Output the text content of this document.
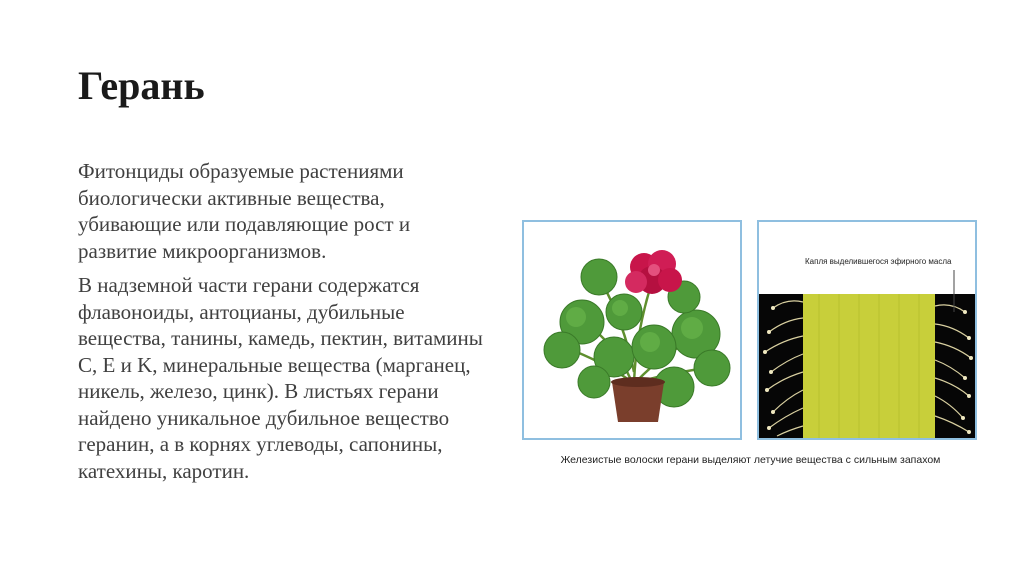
Герань

Фитонциды образуемые растениями биологически активные вещества, убивающие или подавляющие рост и развитие микроорганизмов.

В надземной части герани содержатся флавоноиды, антоцианы, дубильные вещества, танины, камедь, пектин, витамины С, Е и K, минеральные вещества (марганец, никель, железо, цинк). В листьях герани найдено уникальное дубильное вещество геранин, а в корнях углеводы, сапонины, катехины, каротин.

Капля выделившегося эфирного масла
Железистые волоски герани выделяют летучие вещества с сильным запахом
